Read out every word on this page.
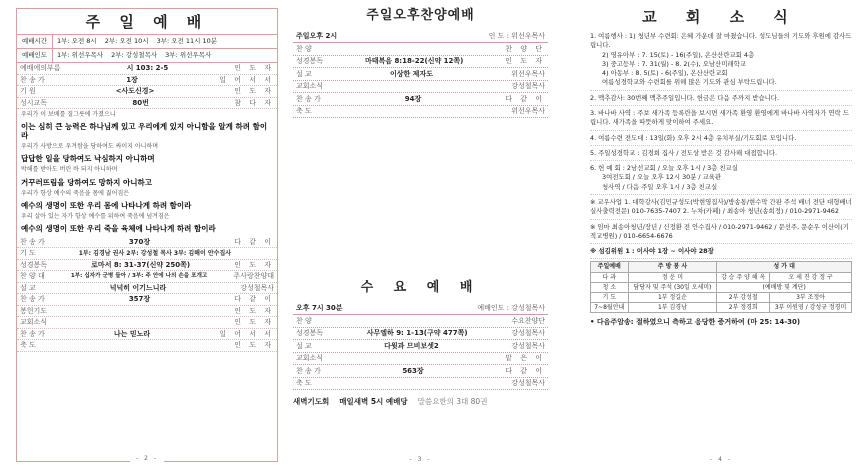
주 일 예 배
예배시간	1부: 오전 8시	2부: 오전 10시	3부: 오전 11시 10분
예배인도	1부: 위선우목사	2부: 강성철목사	3부: 위선우목사
예배에의부름	시 103: 2-5	인 도 자
찬 송 가	1장	일 어 서 서
기 원	<사도신경>	인 도 자
성시교독	80번	참 다 자
우리가 이 보배를 질그릇에 가졌으니
이는 심히 큰 능력은 하나님께 있고 우리에게 있지 아니함을 알게 하려 함이라
우리가 사방으로 우겨쌈을 당하여도 싸이지 아니하며
답답한 일을 당하여도 낙심하지 아니하며
박해를 받아도 버린 바 되지 아니하며
거꾸러뜨림을 당하여도 망하지 아니하고
우리가 항상 예수의 죽음을 몸에 짊어짐은
예수의 생명이 또한 우리 몸에 나타나게 하려 함이라
우리 살아 있는 자가 항상 예수를 위하여 죽음에 넘겨짐은
예수의 생명이 또한 우리 죽을 육체에 나타나게 하려 함이라
찬 송 가	370장	다 같 이
기 도	1부: 김경남 권사 2부: 강성철 목사 3부: 김해이 안수집사
성경봉독	로마서 8: 31-37(신약 250쪽)	인 도 자
찬 양 대	1부: 십자가 군병 들아 / 3부: 주 안에 나의 손을 포개고	주사랑찬양대
설 교	넉넉히 이기느니라	강성철목사
찬 송 가	357장	다 같 이
봉헌기도	인 도 자
교회소식	인 도 자
찬 송 가	나는 믿노라	일 어 서 서
축 도	인 도 자
- 2 -
주일오후찬양예배
주일오후 2시	인 도 : 위선우목사
찬 양	찬 양 단
성경봉독	마태복음 8:18-22(신약 12쪽)	인 도 자
설 교	이상한 제자도	위선우목사
교회소식	강성철목사
찬 송 가	94장	다 같 이
축 도	위선우목사
수 요 예 배
오후 7시 30분	예배인도 : 강성철목사
찬 양	수요찬양단
성경봉독	사무엘하 9: 1-13(구약 477쪽)	강성철목사
설 교	다윗과 므비보셋2	강성철목사
교회소식	맡 은 이
찬 송 가	563장	다 같 이
축 도	강성철목사
새벽기도회 매일새벽 5시 예배당 말씀요한의 3대 80권
- 3 -
교 회 소 식
1. 여름행사 : 1) 청년부 수련회: 은혜 가운데 잘 마쳤습니다. 성도님들의 기도와 후원에 감사드립니다.
2) 영유아부 : 7. 15(토) - 16(주일), 온산산란교회 4층
3) 중고등부 : 7. 31(월) - 8. 2(수), 오남산미래학교
4) 아동부 : 8. 5(토) - 6(주일), 온산산란교회
여름성경학교와 수련회를 위해 많은 기도와 관심 부탁드립니다.
2. 맥추감사: 30번째 맥추주일입니다. 헌금은 다음 주까지 받습니다.
3. 바나바 사역 : 주보 새가족 등록란을 보시면 새가족 환영 환영에게 바나바 사역자가 연락 드립니다. 새가족을 따뜻하게 맞이하여 주세요.
4. 여름수련 전도대 : 13일(화) 오후 2시 4층 유치부실/기도회로 모입니다.
5. 주일성경학교 : 김경희 집사 / 전도상 받은 것 감사해 대접합니다.
6. 헌 예 회 : 2남선교회 / 오늘 오후 1시 / 3층 친교실
3여전도회 / 오늘 오후 12시 30분 / 교육관
청사역 / 다음 주일 오후 1시 / 3층 친교실
※ 교우사업 1. 대학강사(김민규성도(박현영집사)/방송통/현수막 간판 주석 배너 전단 대형배너 실사출력전문) 010-7635-7407 2. 누차(카페) / 최송아 청년(송희정) / 010-2971-9462
※ 임마 최송아청년/장년 / 신정환 전 안수집사 / 010-2971-9462 / 문선주, 문순우 이산이(기적교병원) / 010-6654-6676
※ 섬김위원 1 : 이사야 1장 ~ 이사야 28장
주일예배	주 방 봉 사	성 가 대	
다 과	정 운 미	강 승 주 양 해 옥	오 세 진 강 정 구
청 소	담당자 및 주석 (30일 오세미)	(예배방 및 계단)	
기 도	1부 정길순	2부 강성철	3부 조정아
7~8월안내	1부 김경남	2부 정경희	3부 이원영 / 강성규 정경미
• 다음주암송: 절하였으니 측하고 응당한 증거하여 (마 25: 14-30)
- 4 -
